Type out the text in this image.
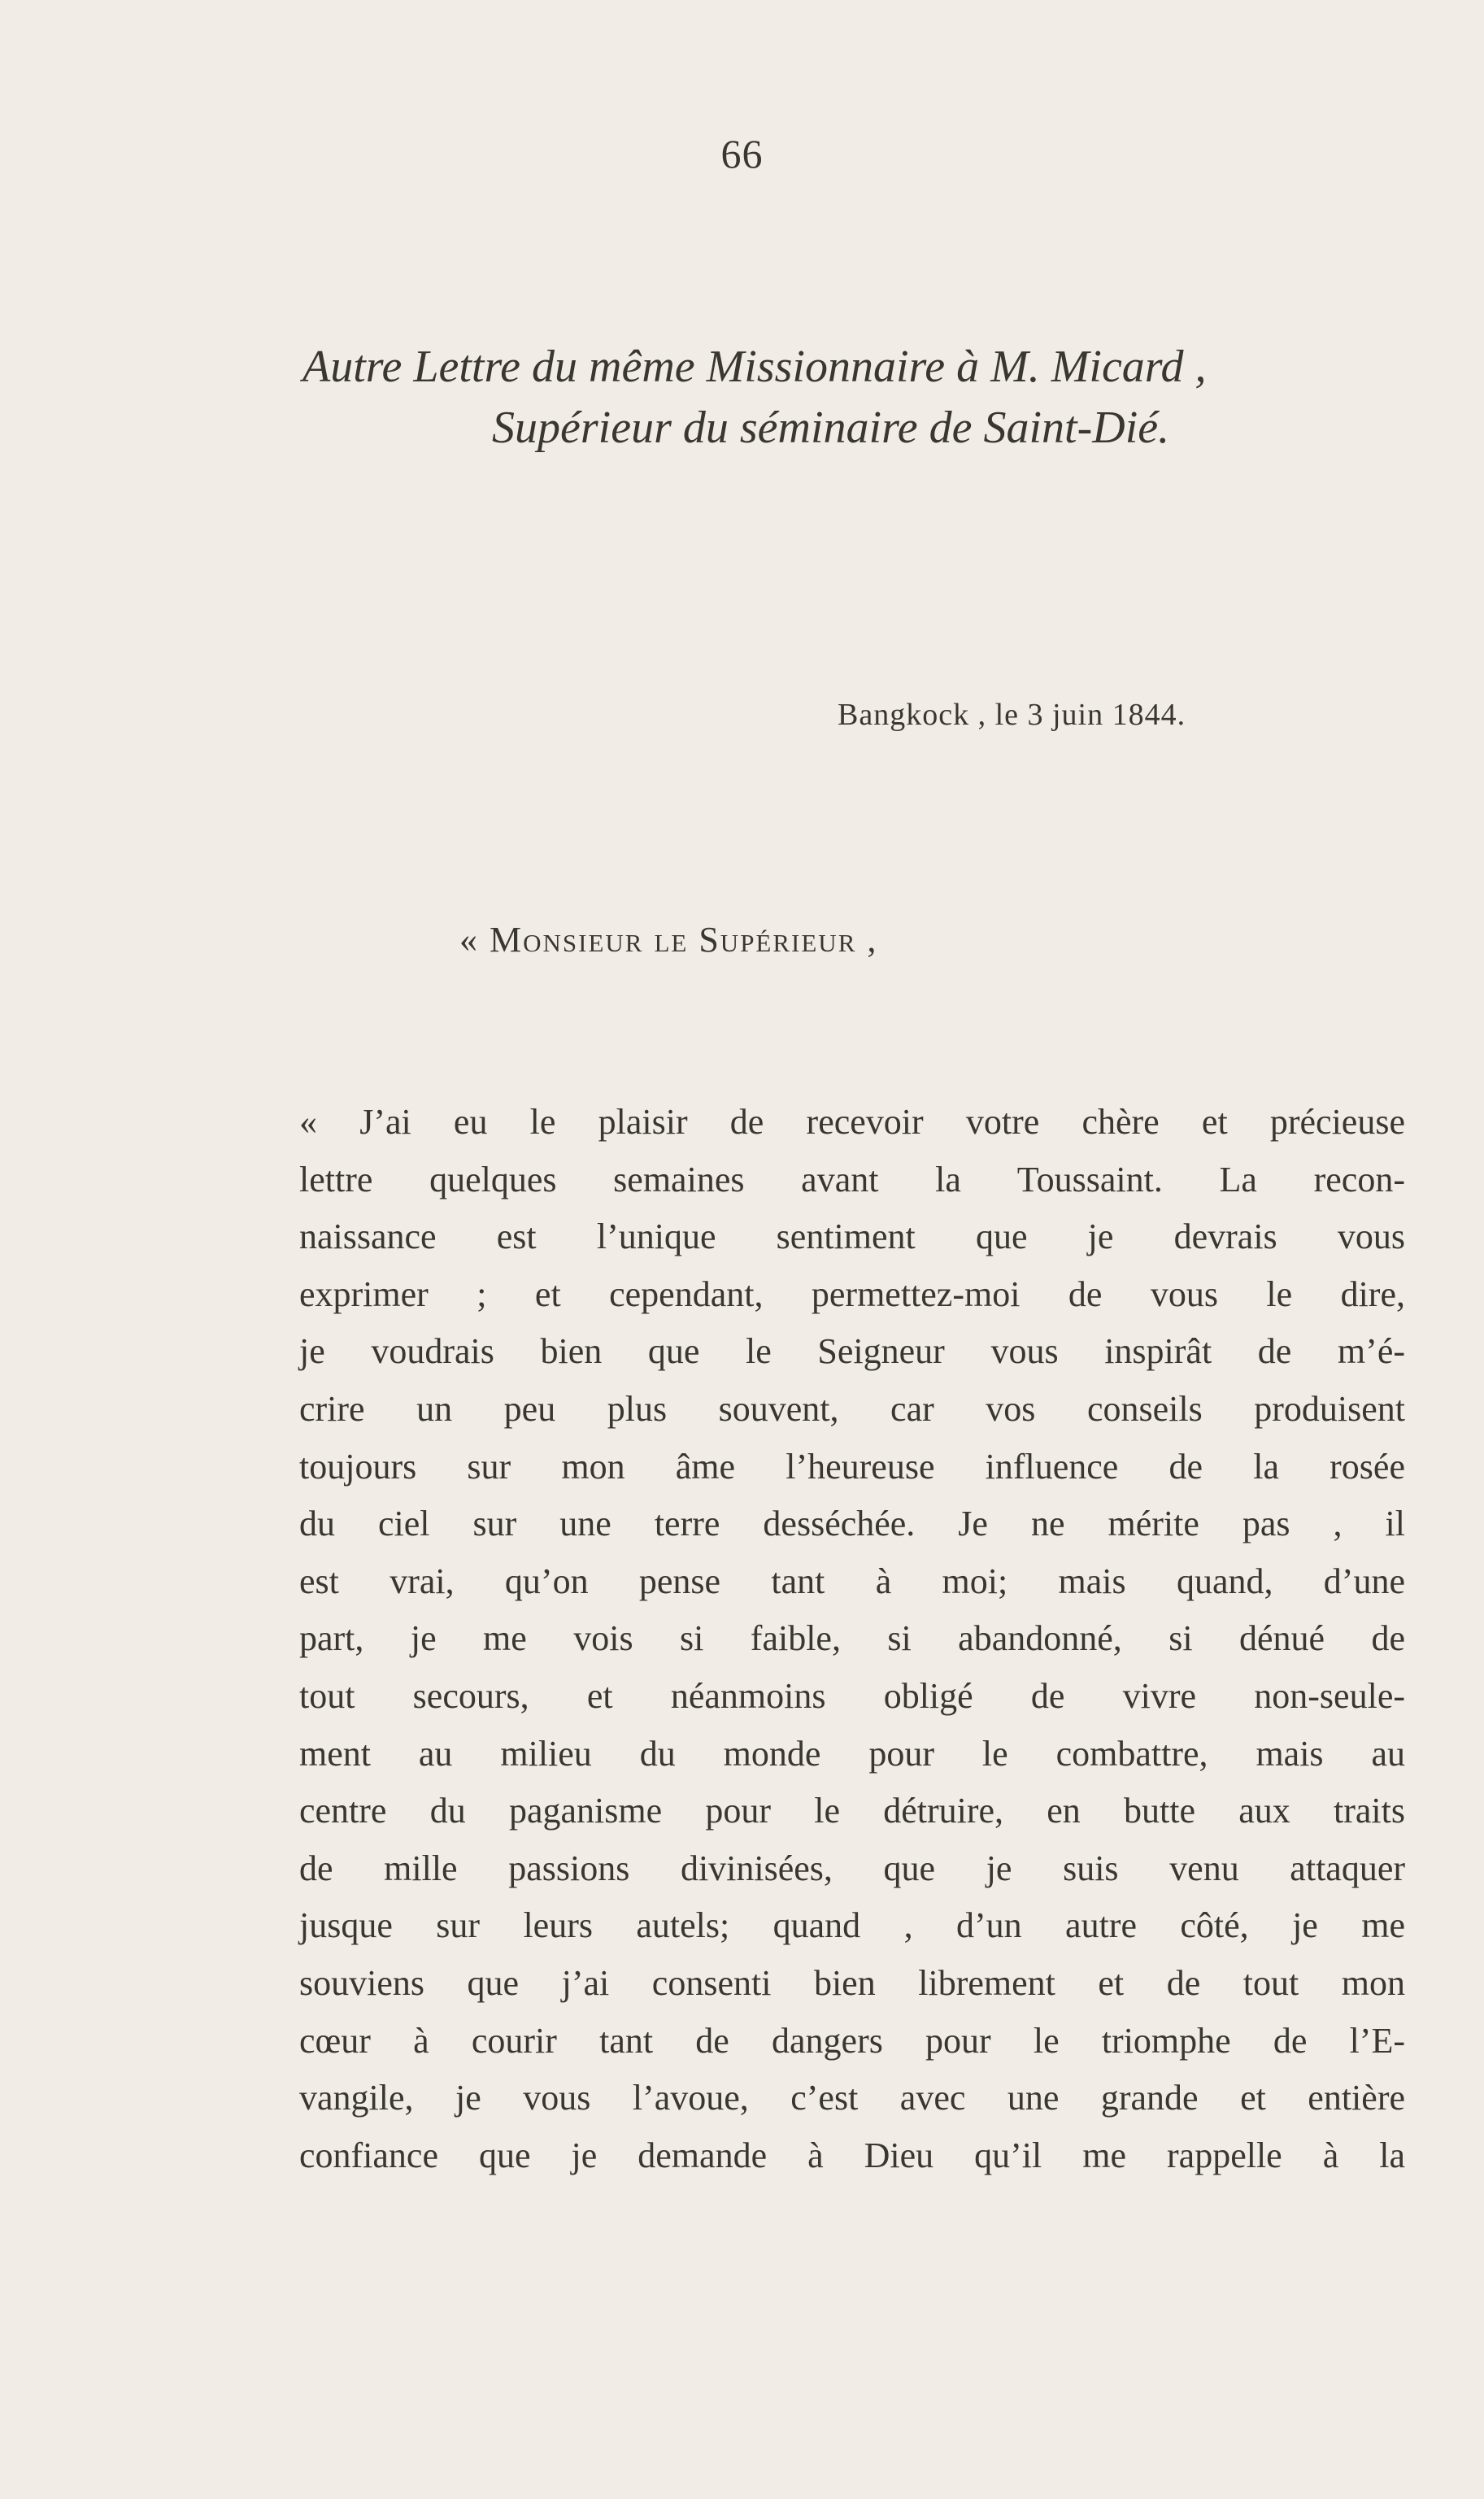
66
Autre Lettre du même Missionnaire à M. Micard ,
Supérieur du séminaire de Saint-Dié.
Bangkock , le 3 juin 1844.
« Monsieur le Supérieur ,
« J’ai eu le plaisir de recevoir votre chère et précieuse
lettre quelques semaines avant la Toussaint. La recon-
naissance est l’unique sentiment que je devrais vous
exprimer ; et cependant, permettez-moi de vous le dire,
je voudrais bien que le Seigneur vous inspirât de m’é-
crire un peu plus souvent, car vos conseils produisent
toujours sur mon âme l’heureuse influence de la rosée
du ciel sur une terre desséchée. Je ne mérite pas , il
est vrai, qu’on pense tant à moi; mais quand, d’une
part, je me vois si faible, si abandonné, si dénué de
tout secours, et néanmoins obligé de vivre non-seule-
ment au milieu du monde pour le combattre, mais au
centre du paganisme pour le détruire, en butte aux traits
de mille passions divinisées, que je suis venu attaquer
jusque sur leurs autels; quand , d’un autre côté, je me
souviens que j’ai consenti bien librement et de tout mon
cœur à courir tant de dangers pour le triomphe de l’E-
vangile, je vous l’avoue, c’est avec une grande et entière
confiance que je demande à Dieu qu’il me rappelle à la
